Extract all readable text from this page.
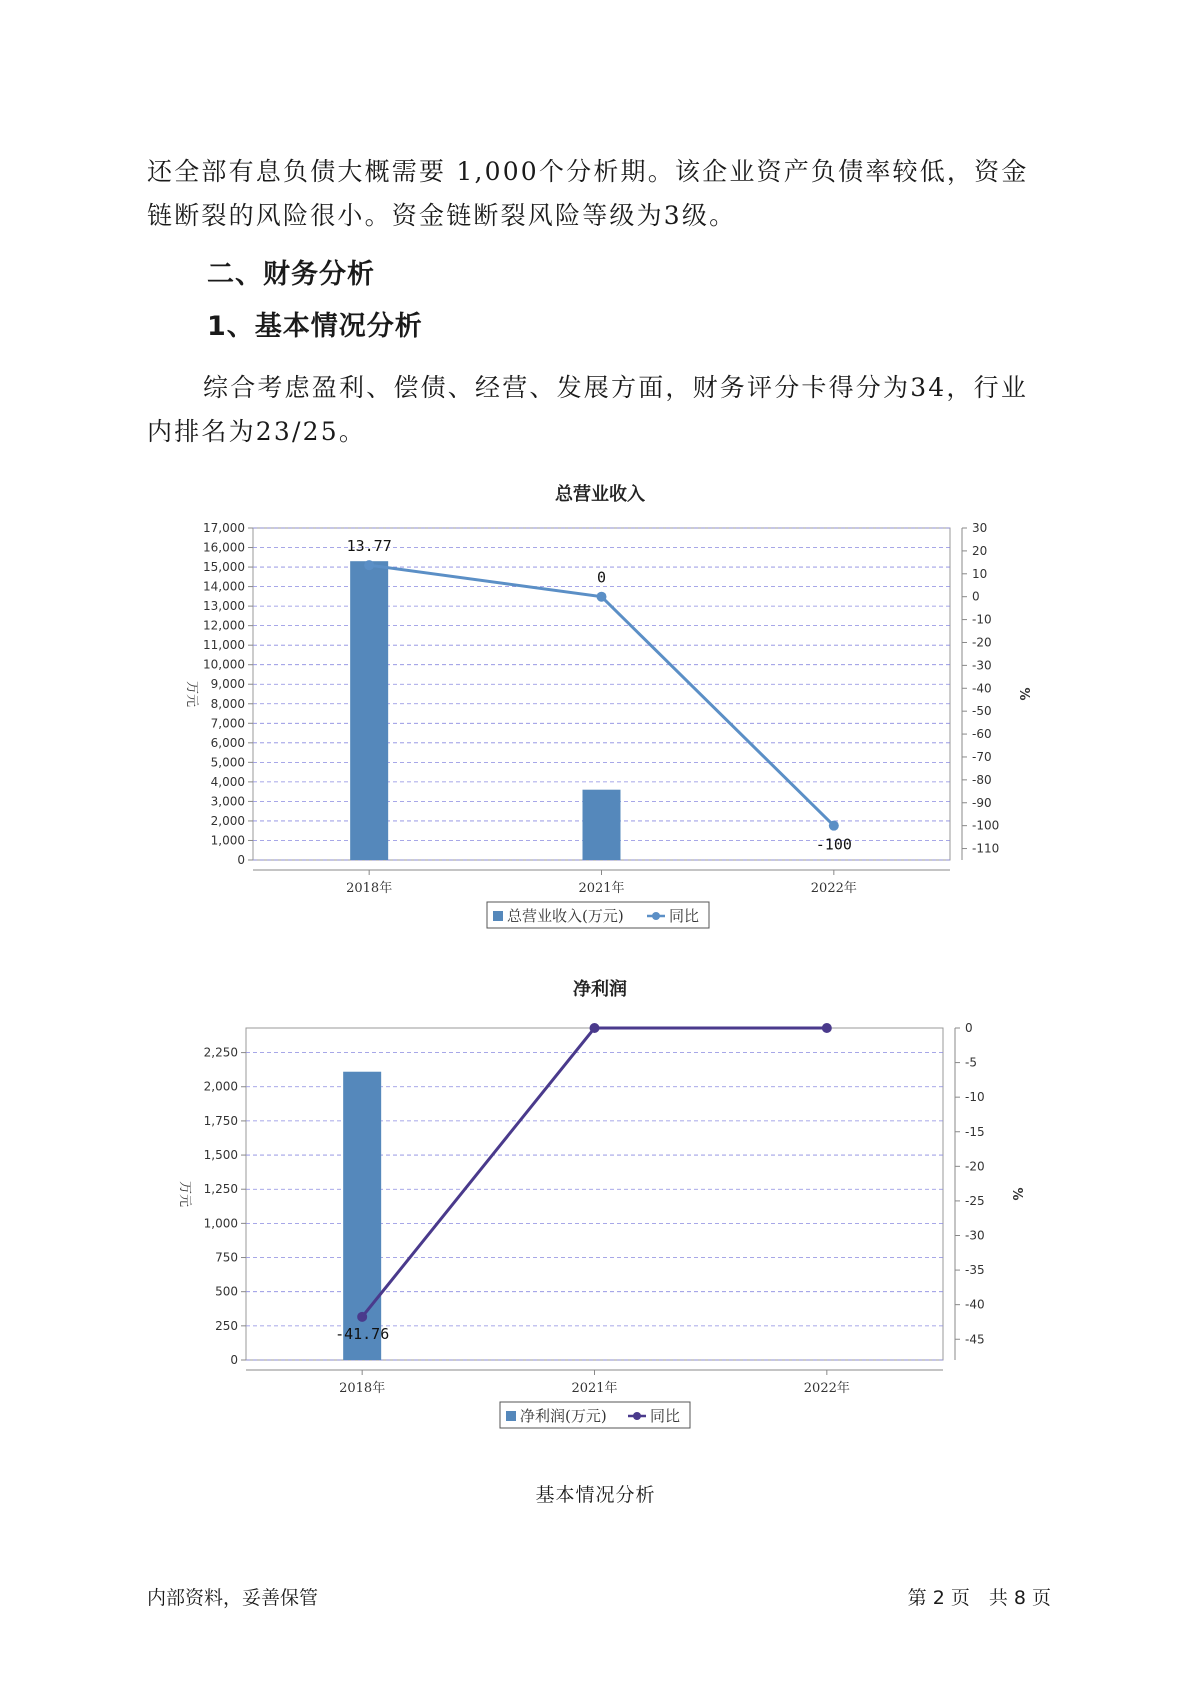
还全部有息负债大概需要 1,000个分析期。该企业资产负债率较低，资金

链断裂的风险很小。资金链断裂风险等级为3级。

二、财务分析
1、基本情况分析

综合考虑盈利、偿债、经营、发展方面，财务评分卡得分为34，行业

内排名为23/25。

总营业收入
0
1,000
2,000
3,000
4,000
5,000
6,000
7,000
8,000
9,000
10,000
11,000
12,000
13,000
14,000
15,000
16,000
17,000	30
20
10
0
-10
-20
-30
-40
-50
-60
-70
-80
-90
-100
-110
万元	%
2018年	2021年	2022年
13.77
0
-100
总营业收入(万元)	同比
净利润
0
250
500
750
1,000
1,250
1,500
1,750
2,000
2,250
0
-5
-10
-15
-20
-25
-30
-35
-40
-45
万元	%
2018年	2021年	2022年
-41.76
净利润(万元)	同比
基本情况分析
内部资料，妥善保管	第 2 页　共 8 页
